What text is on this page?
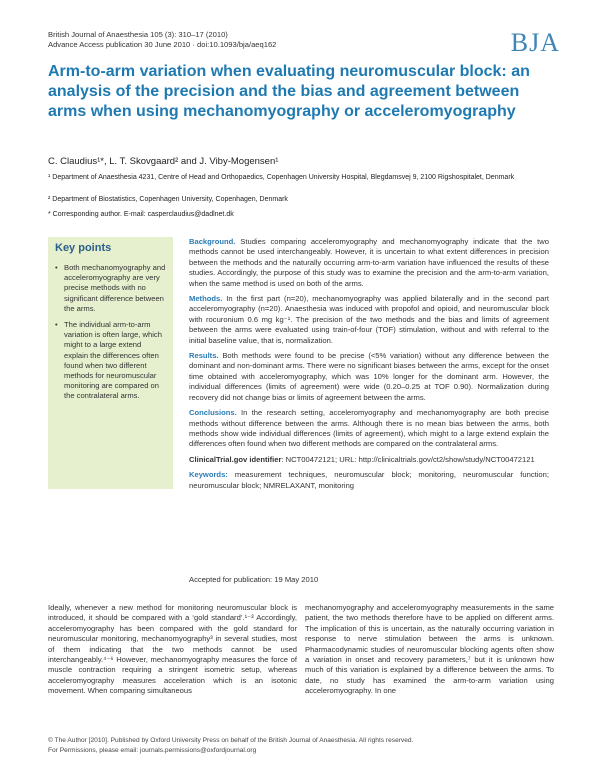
British Journal of Anaesthesia 105 (3): 310–17 (2010)
Advance Access publication 30 June 2010 · doi:10.1093/bja/aeq162	BJA
Arm-to-arm variation when evaluating neuromuscular block: an analysis of the precision and the bias and agreement between arms when using mechanomyography or acceleromyography
C. Claudius¹*, L. T. Skovgaard² and J. Viby-Mogensen¹
¹ Department of Anaesthesia 4231, Centre of Head and Orthopaedics, Copenhagen University Hospital, Blegdamsvej 9, 2100 Rigshospitalet, Denmark
² Department of Biostatistics, Copenhagen University, Copenhagen, Denmark
* Corresponding author. E-mail: casperclaudius@dadlnet.dk
Key points
• Both mechanomyography and acceleromyography are very precise methods with no significant difference between the arms.
• The individual arm-to-arm variation is often large, which might to a large extend explain the differences often found when two different methods for neuromuscular monitoring are compared on the contralateral arms.

Background. Studies comparing acceleromyography and mechanomyography indicate that the two methods cannot be used interchangeably. However, it is uncertain to what extent differences in precision between the methods and the naturally occurring arm-to-arm variation have influenced the results of these studies. Accordingly, the purpose of this study was to examine the precision and the arm-to-arm variation, when the same method is used on both of the arms.

Methods. In the first part (n=20), mechanomyography was applied bilaterally and in the second part acceleromyography (n=20). Anaesthesia was induced with propofol and opioid, and neuromuscular block with rocuronium 0.6 mg kg⁻¹. The precision of the two methods and the bias and limits of agreement between the arms were evaluated using train-of-four (TOF) stimulation, without and with referral to the initial baseline value, that is, normalization.

Results. Both methods were found to be precise (<5% variation) without any difference between the dominant and non-dominant arms. There were no significant biases between the arms, except for the onset time obtained with acceleromyography, which was 10% longer for the dominant arm. However, the individual differences (limits of agreement) were wide (0.20–0.25 at TOF 0.90). Normalization during recovery did not change bias or limits of agreement between the arms.

Conclusions. In the research setting, acceleromyography and mechanomyography are both precise methods without difference between the arms. Although there is no mean bias between the arms, both methods show wide individual differences (limits of agreement), which might to a large extend explain the differences often found when two different methods are compared on the contralateral arms.

ClinicalTrial.gov identifier: NCT00472121; URL: http://clinicaltrials.gov/ct2/show/study/NCT00472121

Keywords: measurement techniques, neuromuscular block; monitoring, neuromuscular function; neuromuscular block; NMRELAXANT, monitoring

Accepted for publication: 19 May 2010
Ideally, whenever a new method for monitoring neuromuscular block is introduced, it should be compared with a ‘gold standard’.¹⁻³ Accordingly, acceleromyography has been compared with the gold standard for neuromuscular monitoring, mechanomyography³ in several studies, most of them indicating that the two methods cannot be used interchangeably.⁴⁻⁶ However, mechanomyography measures the force of muscle contraction requiring a stringent isometric setup, whereas acceleromyography measures acceleration which is an isotonic movement. When comparing simultaneous
mechanomyography and acceleromyography measurements in the same patient, the two methods therefore have to be applied on different arms. The implication of this is uncertain, as the naturally occurring variation in response to nerve stimulation between the arms is unknown. Pharmacodynamic studies of neuromuscular blocking agents often show a variation in onset and recovery parameters,⁷ but it is unknown how much of this variation is explained by a difference between the arms. To date, no study has examined the arm-to-arm variation using acceleromyography. In one
© The Author [2010]. Published by Oxford University Press on behalf of the British Journal of Anaesthesia. All rights reserved.
For Permissions, please email: journals.permissions@oxfordjournal.org
